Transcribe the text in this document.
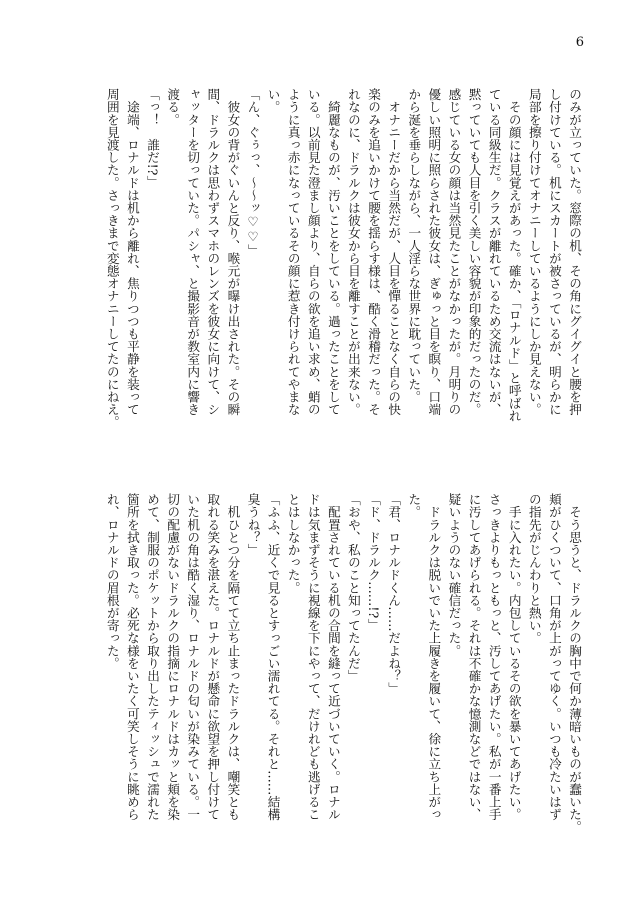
6
のみが立っていた。窓際の机、その角にグイグイと腰を押
し付けている。机にスカートが被さっているが、明らかに
局部を擦り付けてオナニーしているようにしか見えない。
　その顔には見覚えがあった。確か、「ロナルド」と呼ばれ
ている同級生だ。クラスが離れているため交流はないが、
黙っていても人目を引く美しい容貌が印象的だったのだ。
感じている女の顔は当然見たことがなかったが。月明りの
優しい照明に照らされた彼女は、ぎゅっと目を瞑り、口端
から涎を垂らしながら、一人淫らな世界に耽っていた。
　オナニーだから当然だが、人目を憚ることなく自らの快
楽のみを追いかけて腰を揺らす様は、酷く滑稽だった。そ
れなのに、ドラルクは彼女から目を離すことが出来ない。
　綺麗なものが、汚いことをしている。過ったことをして
いる。以前見た澄まし顔より、自らの欲を追い求め、蛸の
ように真っ赤になっているその顔に惹き付けられてやまな
い。
「ん、ぐぅっ、～～ッ♡♡」
　彼女の背がぐいんと反り、喉元が曝け出された。その瞬
間、ドラルクは思わずスマホのレンズを彼女に向けて、シ
ャッターを切っていた。パシャ、と撮影音が教室内に響き
渡る。
「っ！　誰だ!?」
　途端、ロナルドは机から離れ、焦りつつも平静を装って
周囲を見渡した。さっきまで変態オナニーしてたのにねえ。
　そう思うと、ドラルクの胸中で何か薄暗いものが蠢いた。
頬がひくついて、口角が上がってゆく。いつも冷たいはず
の指先がじんわりと熱い。
　手に入れたい。内包しているその欲を暴いてあげたい。
さっきよりもっともっと、汚してあげたい。私が一番上手
に汚してあげられる。それは不確かな憶測などではない、
疑いようのない確信だった。
　ドラルクは脱いでいた上履きを履いて、徐に立ち上がっ
た。
「君、ロナルドくん……だよね？」
「ド、ドラルク……!?」
「おや、私のこと知ってたんだ」
　配置されている机の合間を縫って近づいていく。ロナル
ドは気まずそうに視線を下にやって、だけれども逃げるこ
とはしなかった。
「ふふ、近くで見るとすっごい濡れてる。それと……結構
臭うね？」
　机ひとつ分を隔てて立ち止まったドラルクは、嘲笑とも
取れる笑みを湛えた。ロナルドが懸命に欲望を押し付けて
いた机の角は酷く湿り、ロナルドの匂いが染みている。一
切の配慮がないドラルクの指摘にロナルドはカッと頬を染
めて、制服のポケットから取り出したティッシュで濡れた
箇所を拭き取った。必死な様をいたく可笑しそうに眺めら
れ、ロナルドの眉根が寄った。
